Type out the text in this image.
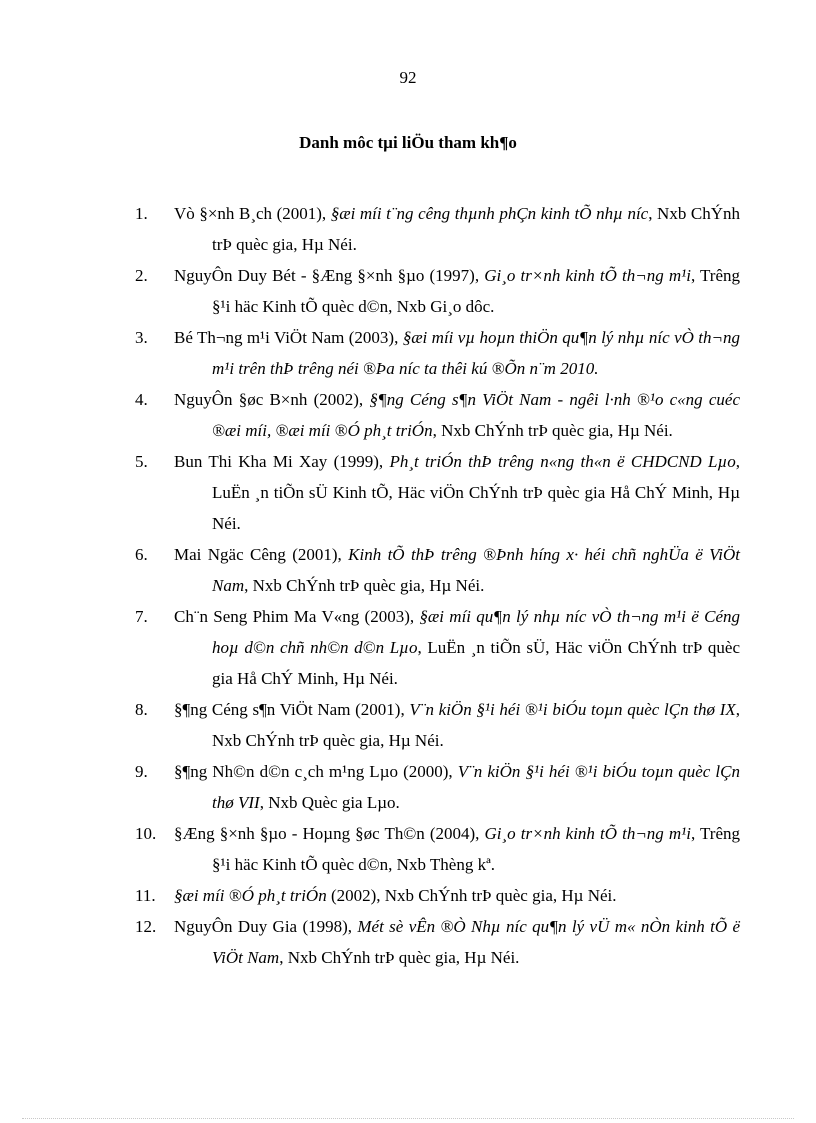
92
Danh môc tµi liÖu tham kh¶o
1. Vò §×nh B¸ch (2001), §æi míi t¨ng cêng thµnh phÇn kinh tÕ nhµ níc, Nxb ChÝnh trÞ quèc gia, Hµ Néi.
2. NguyÔn Duy Bét - §Æng §×nh §µo (1997), Gi¸o tr×nh kinh tÕ th¬ng m¹i, Trêng §¹i häc Kinh tÕ quèc d©n, Nxb Gi¸o dôc.
3. Bé Th¬ng m¹i ViÖt Nam (2003), §æi míi vµ hoµn thiÖn qu¶n lý nhµ níc vÒ th¬ng m¹i trên thÞ trêng néi ®Þa níc ta thêi kú ®Õn n¨m 2010.
4. NguyÔn §øc B×nh (2002), §¶ng Céng s¶n ViÖt Nam - ngêi l·nh ®¹o c«ng cuéc ®æi míi, ®æi míi ®Ó ph¸t triÓn, Nxb ChÝnh trÞ quèc gia, Hµ Néi.
5. Bun Thi Kha Mi Xay (1999), Ph¸t triÓn thÞ trêng n«ng th«n ë CHDCND Lµo, LuËn ¸n tiÕn sÜ Kinh tÕ, Häc viÖn ChÝnh trÞ quèc gia Hå ChÝ Minh, Hµ Néi.
6. Mai Ngäc Cêng (2001), Kinh tÕ thÞ trêng ®Þnh híng x· héi chñ nghÜa ë ViÖt Nam, Nxb ChÝnh trÞ quèc gia, Hµ Néi.
7. Ch¨n Seng Phim Ma V«ng (2003), §æi míi qu¶n lý nhµ níc vÒ th¬ng m¹i ë Céng hoµ d©n chñ nh©n d©n Lµo, LuËn ¸n tiÕn sÜ, Häc viÖn ChÝnh trÞ quèc gia Hå ChÝ Minh, Hµ Néi.
8. §¶ng Céng s¶n ViÖt Nam (2001), V¨n kiÖn §¹i héi ®¹i biÓu toµn quèc lÇn thø IX, Nxb ChÝnh trÞ quèc gia, Hµ Néi.
9. §¶ng Nh©n d©n c¸ch m¹ng Lµo (2000), V¨n kiÖn §¹i héi ®¹i biÓu toµn quèc lÇn thø VII, Nxb Quèc gia Lµo.
10. §Æng §×nh §µo - Hoµng §øc Th©n (2004), Gi¸o tr×nh kinh tÕ th¬ng m¹i, Trêng §¹i häc Kinh tÕ quèc d©n, Nxb Thèng kª.
11. §æi míi ®Ó ph¸t triÓn (2002), Nxb ChÝnh trÞ quèc gia, Hµ Néi.
12. NguyÔn Duy Gia (1998), Mét sè vÊn ®Ò Nhµ níc qu¶n lý vÜ m« nÒn kinh tÕ ë ViÖt Nam, Nxb ChÝnh trÞ quèc gia, Hµ Néi.
